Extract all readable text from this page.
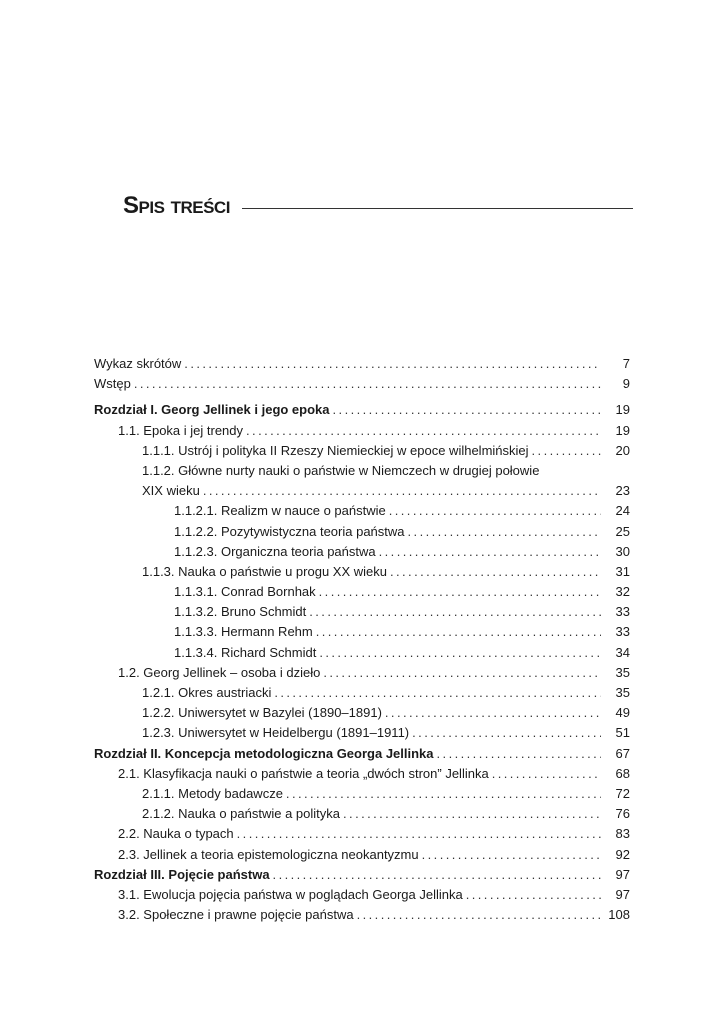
Spis treści
Wykaz skrótów . . .	7
Wstęp . . .	9
Rozdział I. Georg Jellinek i jego epoka . . .	19
1.1. Epoka i jej trendy . . .	19
1.1.1. Ustrój i polityka II Rzeszy Niemieckiej w epoce wilhelmińskiej . . .	20
1.1.2. Główne nurty nauki o państwie w Niemczech w drugiej połowie
XIX wieku . . .	23
1.1.2.1. Realizm w nauce o państwie . . .	24
1.1.2.2. Pozytywistyczna teoria państwa . . .	25
1.1.2.3. Organiczna teoria państwa . . .	30
1.1.3. Nauka o państwie u progu XX wieku . . .	31
1.1.3.1. Conrad Bornhak . . .	32
1.1.3.2. Bruno Schmidt . . .	33
1.1.3.3. Hermann Rehm . . .	33
1.1.3.4. Richard Schmidt . . .	34
1.2. Georg Jellinek – osoba i dzieło . . .	35
1.2.1. Okres austriacki . . .	35
1.2.2. Uniwersytet w Bazylei (1890–1891) . . .	49
1.2.3. Uniwersytet w Heidelbergu (1891–1911) . . .	51
Rozdział II. Koncepcja metodologiczna Georga Jellinka . . .	67
2.1. Klasyfikacja nauki o państwie a teoria „dwóch stron” Jellinka . . .	68
2.1.1. Metody badawcze . . .	72
2.1.2. Nauka o państwie a polityka . . .	76
2.2. Nauka o typach . . .	83
2.3. Jellinek a teoria epistemologiczna neokantyzmu . . .	92
Rozdział III. Pojęcie państwa . . .	97
3.1. Ewolucja pojęcia państwa w poglądach Georga Jellinka . . .	97
3.2. Społeczne i prawne pojęcie państwa . . .	108
